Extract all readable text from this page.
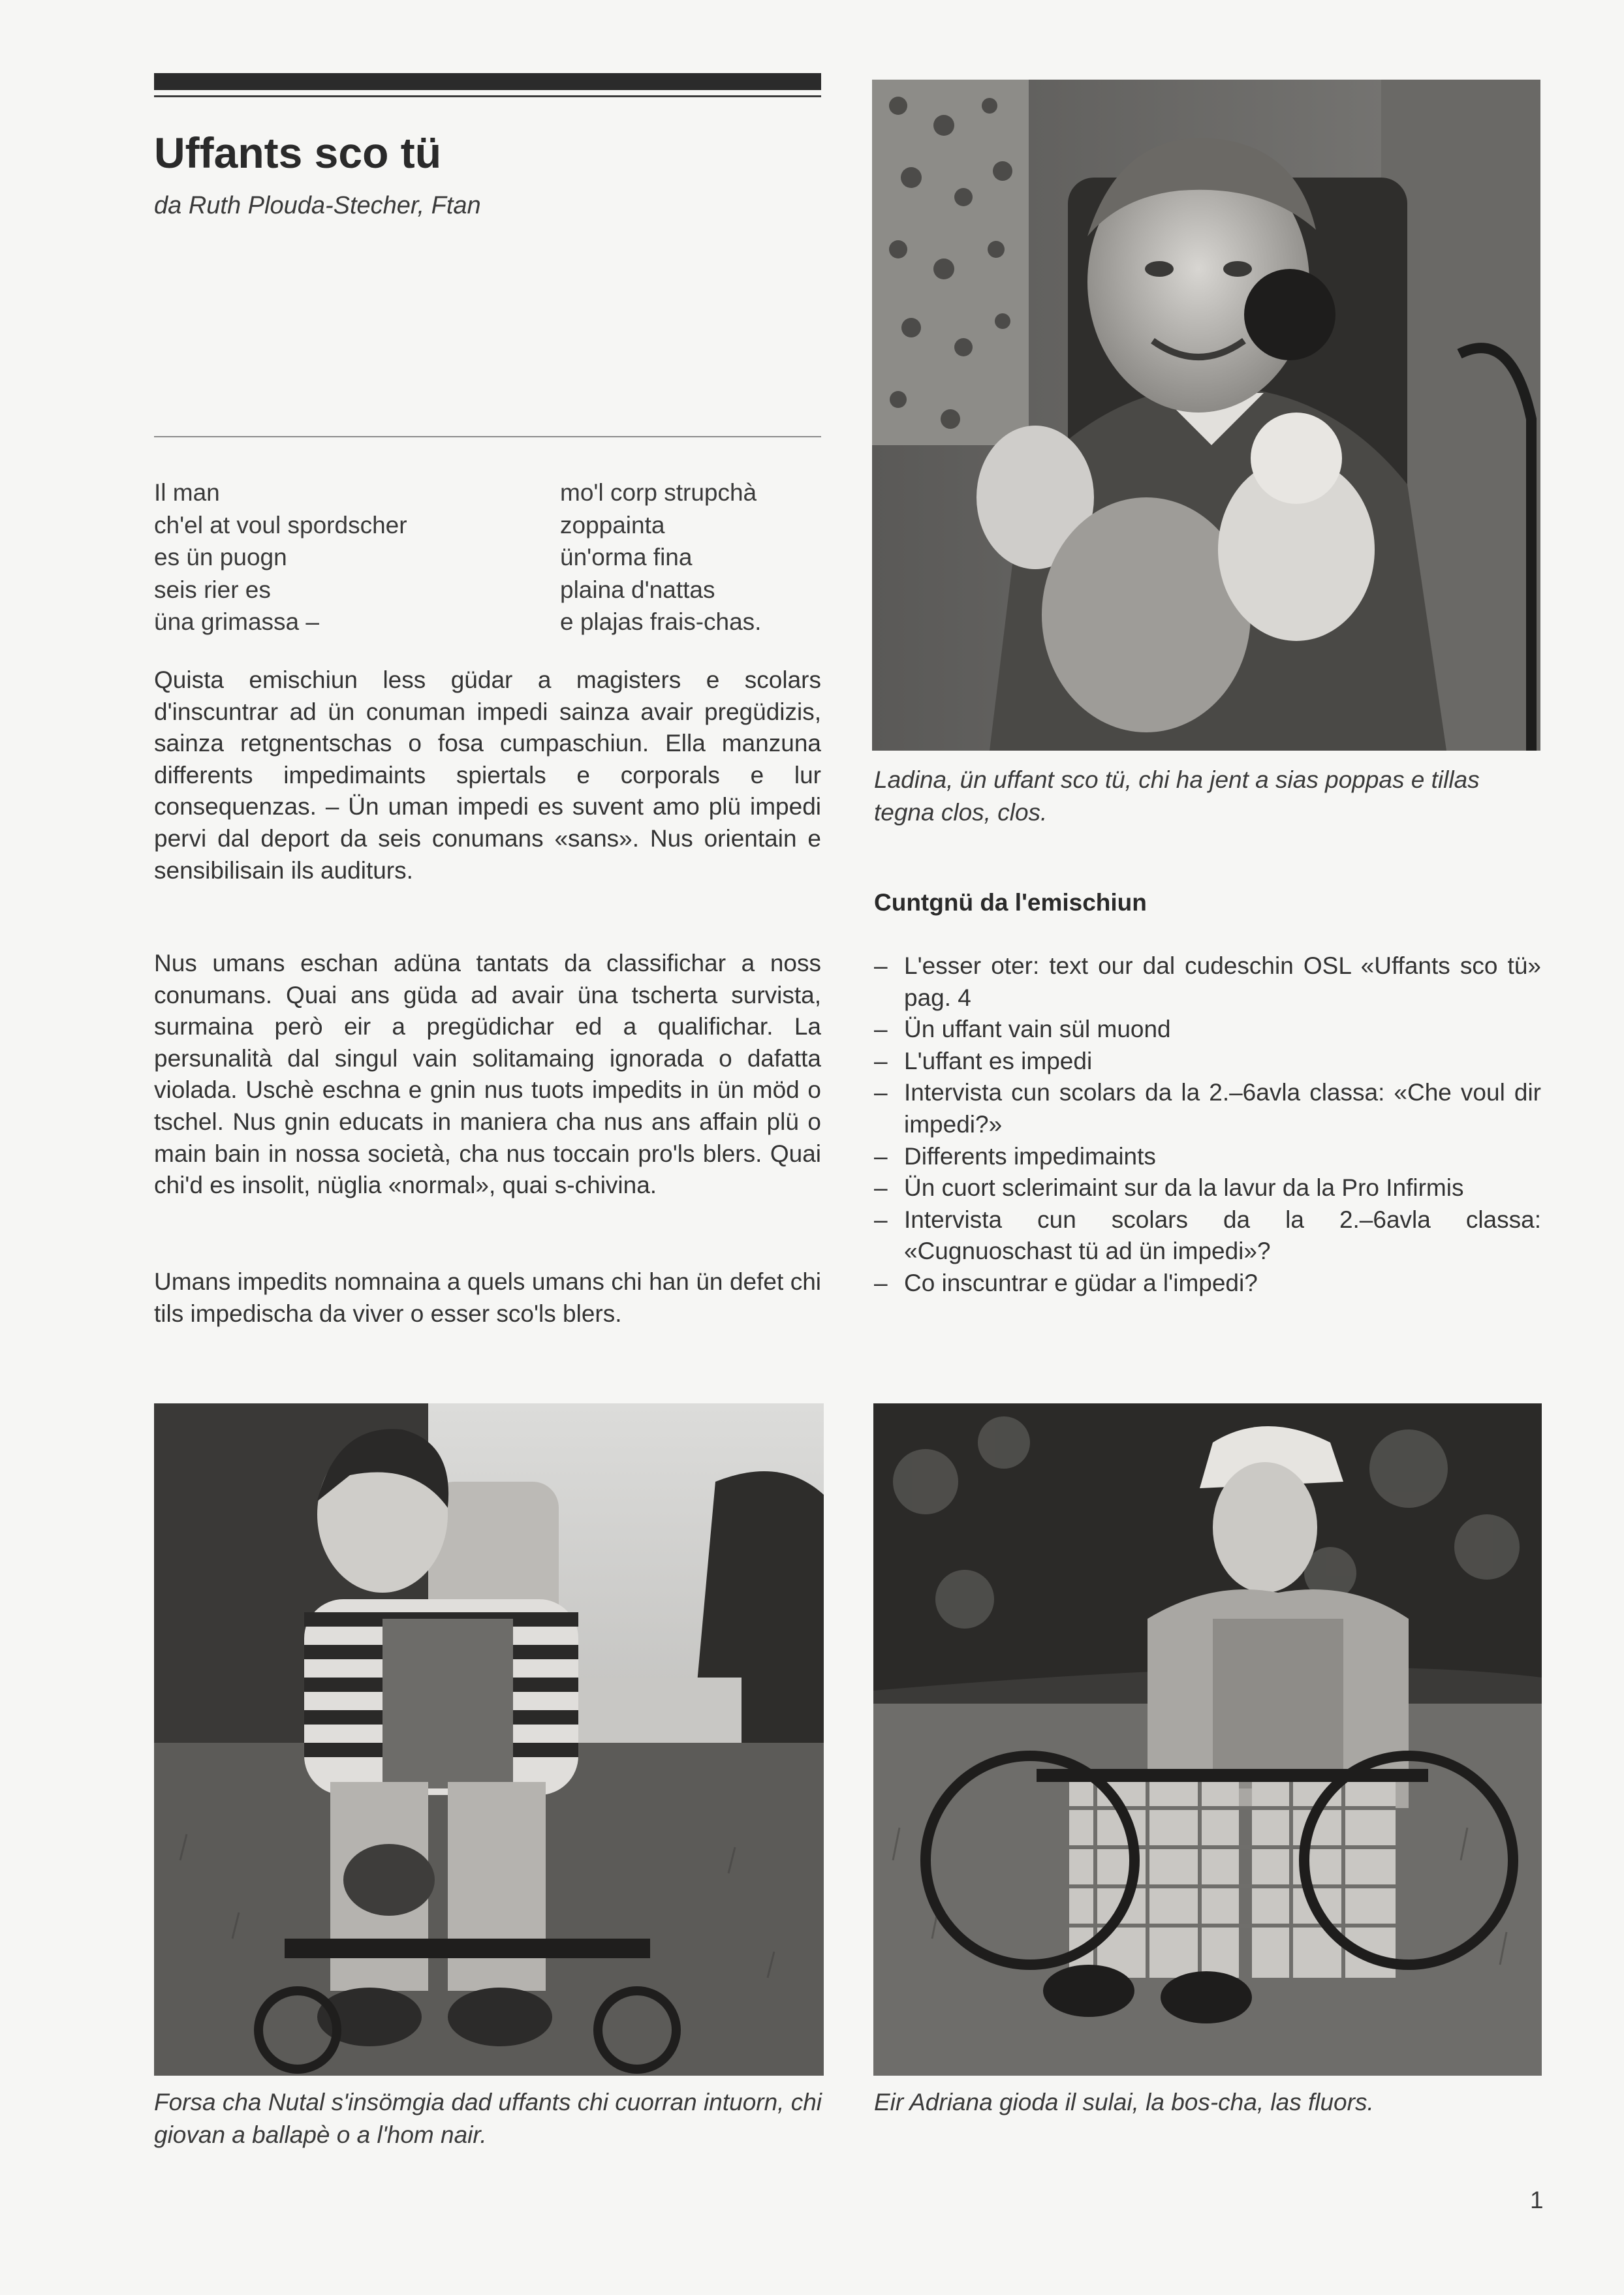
Uffants sco tü
da Ruth Plouda-Stecher, Ftan
Il man
ch'el at voul spordscher
es ün puogn
seis rier es
üna grimassa –
mo'l corp strupchà
zoppainta
ün'orma fina
plaina d'nattas
e plajas frais-chas.

Quista emischiun less güdar a magisters e scolars d'inscuntrar ad ün conuman impedi sainza avair pregüdizis, sainza retgnentschas o fosa cumpaschiun. Ella manzuna differents impedimaints spiertals e corporals e lur consequenzas. – Ün uman impedi es suvent amo plü impedi pervi dal deport da seis conumans «sans». Nus orientain e sensibilisain ils auditurs.

Nus umans eschan adüna tantats da classifichar a noss conumans. Quai ans güda ad avair üna tscherta survista, surmaina però eir a pregüdichar ed a qualifichar. La persunalità dal singul vain solitamaing ignorada o dafatta violada. Uschè eschna e gnin nus tuots impedits in ün möd o tschel. Nus gnin educats in maniera cha nus ans affain plü o main bain in nossa società, cha nus toccain pro'ls blers. Quai chi'd es insolit, nüglia «normal», quai s-chivina.

Umans impedits nomnaina a quels umans chi han ün defet chi tils impedischa da viver o esser sco'ls blers.

Ladina, ün uffant sco tü, chi ha jent a sias poppas e tillas tegna clos, clos.
Cuntgnü da l'emischiun
– L'esser oter: text our dal cudeschin OSL «Uffants sco tü» pag. 4
– Ün uffant vain sül muond
– L'uffant es impedi
– Intervista cun scolars da la 2.–6avla classa: «Che voul dir impedi?»
– Differents impedimaints
– Ün cuort sclerimaint sur da la lavur da la Pro Infirmis
– Intervista cun scolars da la 2.–6avla classa: «Cugnuoschast tü ad ün impedi»?
– Co inscuntrar e güdar a l'impedi?
Forsa cha Nutal s'insömgia dad uffants chi cuorran intuorn, chi giovan a ballapè o a l'hom nair.
Eir Adriana gioda il sulai, la bos-cha, las fluors.
1
